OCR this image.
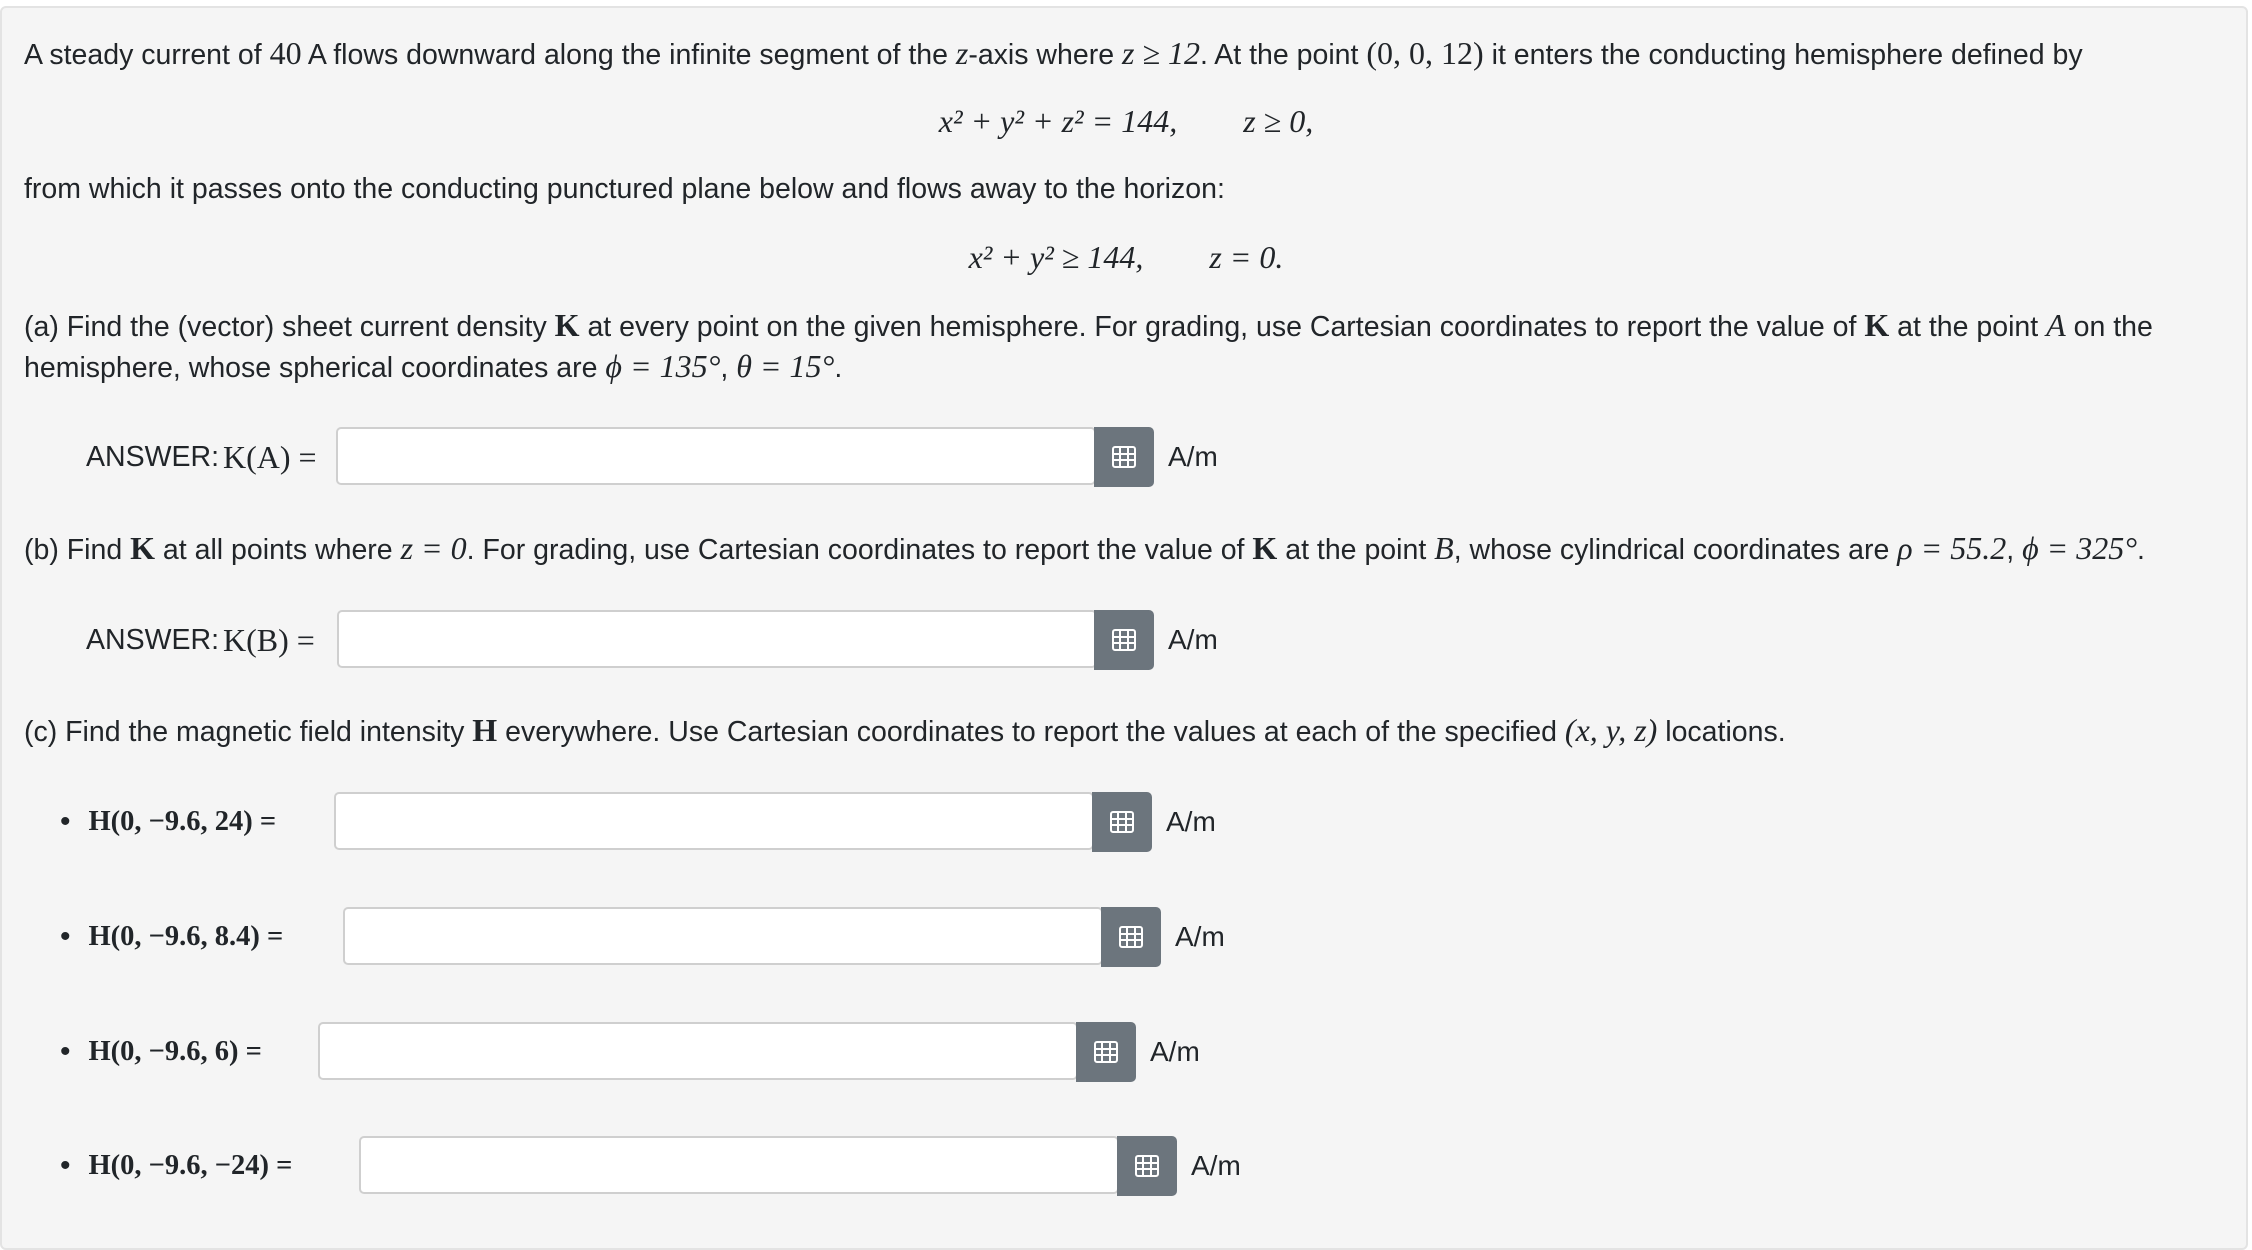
A steady current of 40 A flows downward along the infinite segment of the z-axis where z ≥ 12. At the point (0, 0, 12) it enters the conducting hemisphere defined by
x² + y² + z² = 144, z ≥ 0,
from which it passes onto the conducting punctured plane below and flows away to the horizon:
x² + y² ≥ 144, z = 0.
(a) Find the (vector) sheet current density K at every point on the given hemisphere. For grading, use Cartesian coordinates to report the value of K at the point A on the
hemisphere, whose spherical coordinates are ϕ = 135°, θ = 15°.
ANSWER: K(A) =	A/m
(b) Find K at all points where z = 0. For grading, use Cartesian coordinates to report the value of K at the point B, whose cylindrical coordinates are ρ = 55.2, ϕ = 325°.
ANSWER: K(B) =	A/m
(c) Find the magnetic field intensity H everywhere. Use Cartesian coordinates to report the values at each of the specified (x, y, z) locations.
• H(0, −9.6, 24) =	A/m
• H(0, −9.6, 8.4) =	A/m
• H(0, −9.6, 6) =	A/m
• H(0, −9.6, −24) =	A/m
